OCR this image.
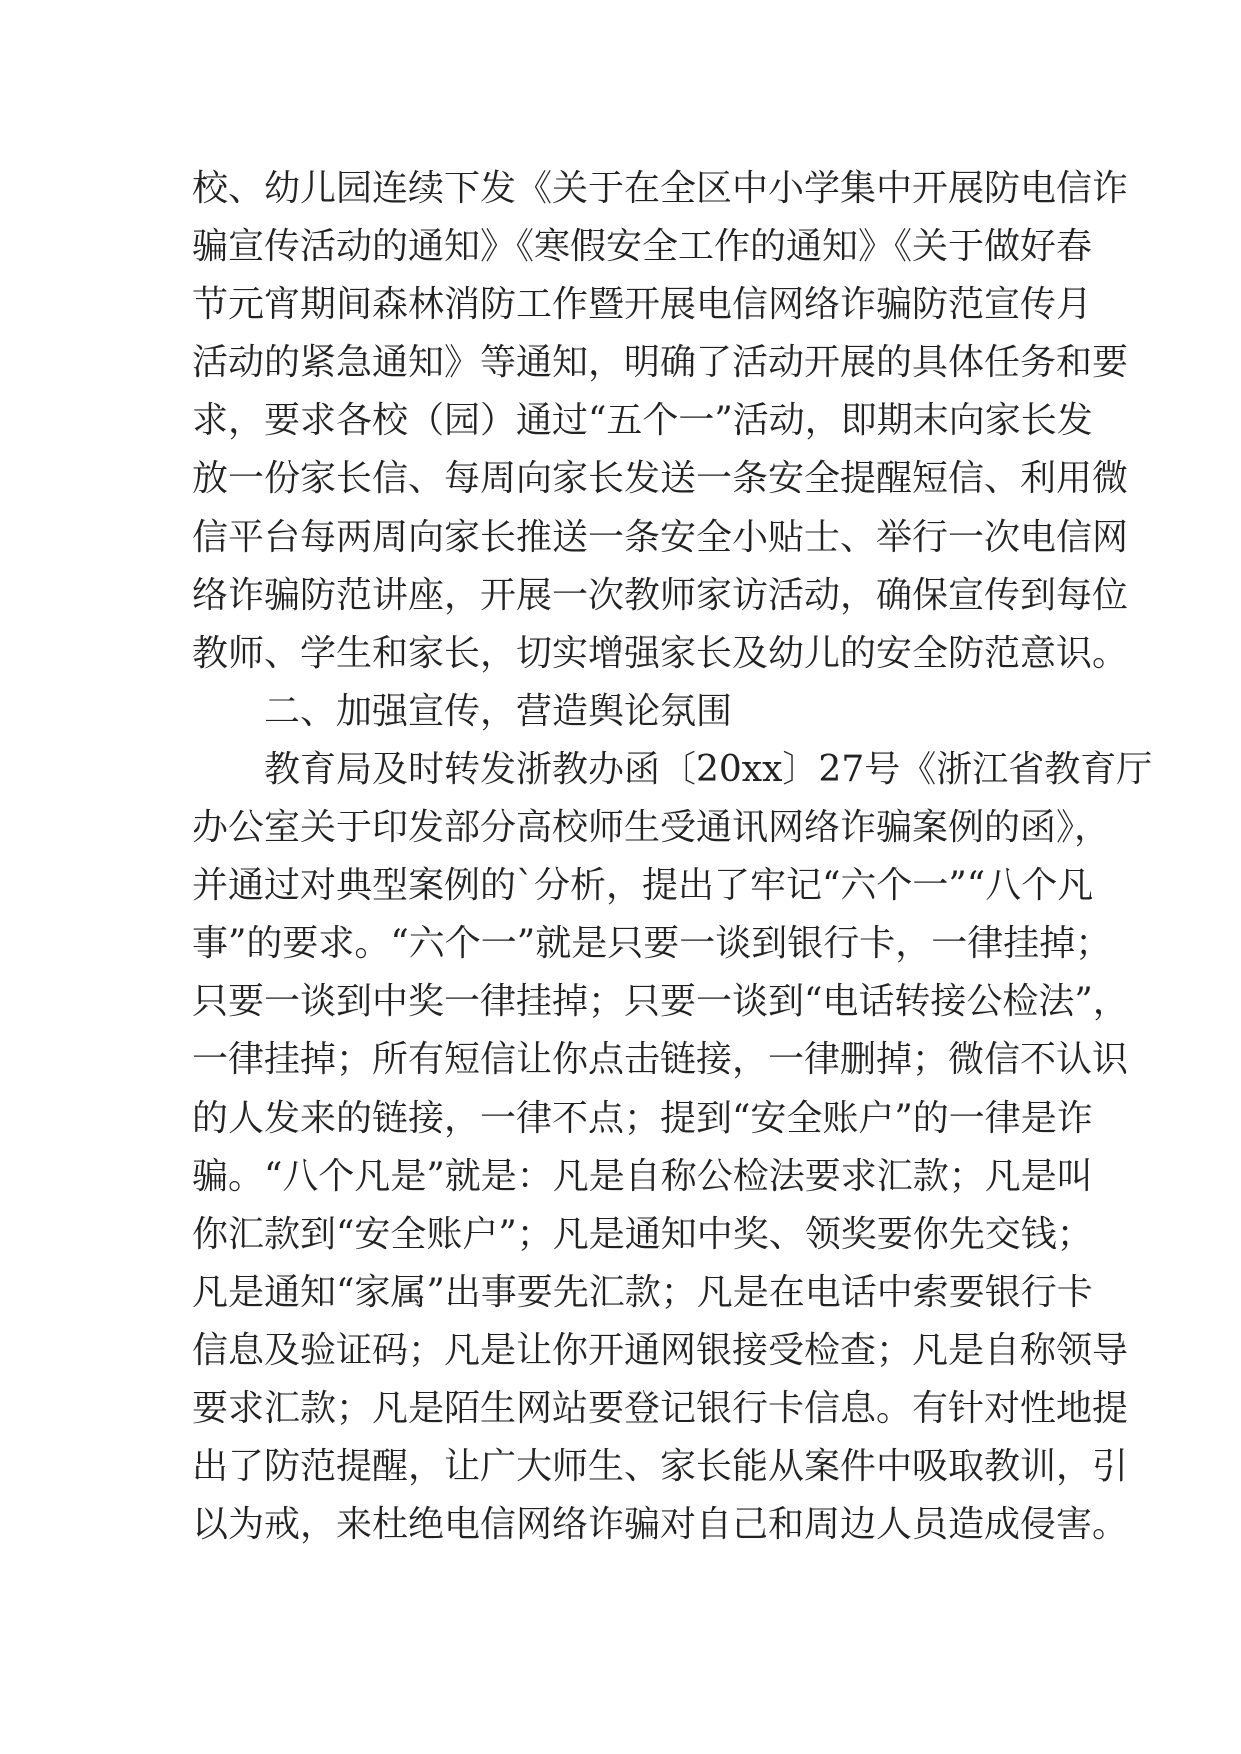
校、幼儿园连续下发《关于在全区中小学集中开展防电信诈
骗宣传活动的通知》《寒假安全工作的通知》《关于做好春
节元宵期间森林消防工作暨开展电信网络诈骗防范宣传月
活动的紧急通知》等通知，明确了活动开展的具体任务和要
求，要求各校（园）通过“五个一”活动，即期末向家长发
放一份家长信、每周向家长发送一条安全提醒短信、利用微
信平台每两周向家长推送一条安全小贴士、举行一次电信网
络诈骗防范讲座，开展一次教师家访活动，确保宣传到每位
教师、学生和家长，切实增强家长及幼儿的安全防范意识。
　　二、加强宣传，营造舆论氛围
　　教育局及时转发浙教办函〔20xx〕27号《浙江省教育厅
办公室关于印发部分高校师生受通讯网络诈骗案例的函》，
并通过对典型案例的`分析，提出了牢记“六个一”“八个凡
事”的要求。“六个一”就是只要一谈到银行卡，一律挂掉；
只要一谈到中奖一律挂掉；只要一谈到“电话转接公检法”，
一律挂掉；所有短信让你点击链接，一律删掉；微信不认识
的人发来的链接，一律不点；提到“安全账户”的一律是诈
骗。“八个凡是”就是：凡是自称公检法要求汇款；凡是叫
你汇款到“安全账户”；凡是通知中奖、领奖要你先交钱；
凡是通知“家属”出事要先汇款；凡是在电话中索要银行卡
信息及验证码；凡是让你开通网银接受检查；凡是自称领导
要求汇款；凡是陌生网站要登记银行卡信息。有针对性地提
出了防范提醒，让广大师生、家长能从案件中吸取教训，引
以为戒，来杜绝电信网络诈骗对自己和周边人员造成侵害。
